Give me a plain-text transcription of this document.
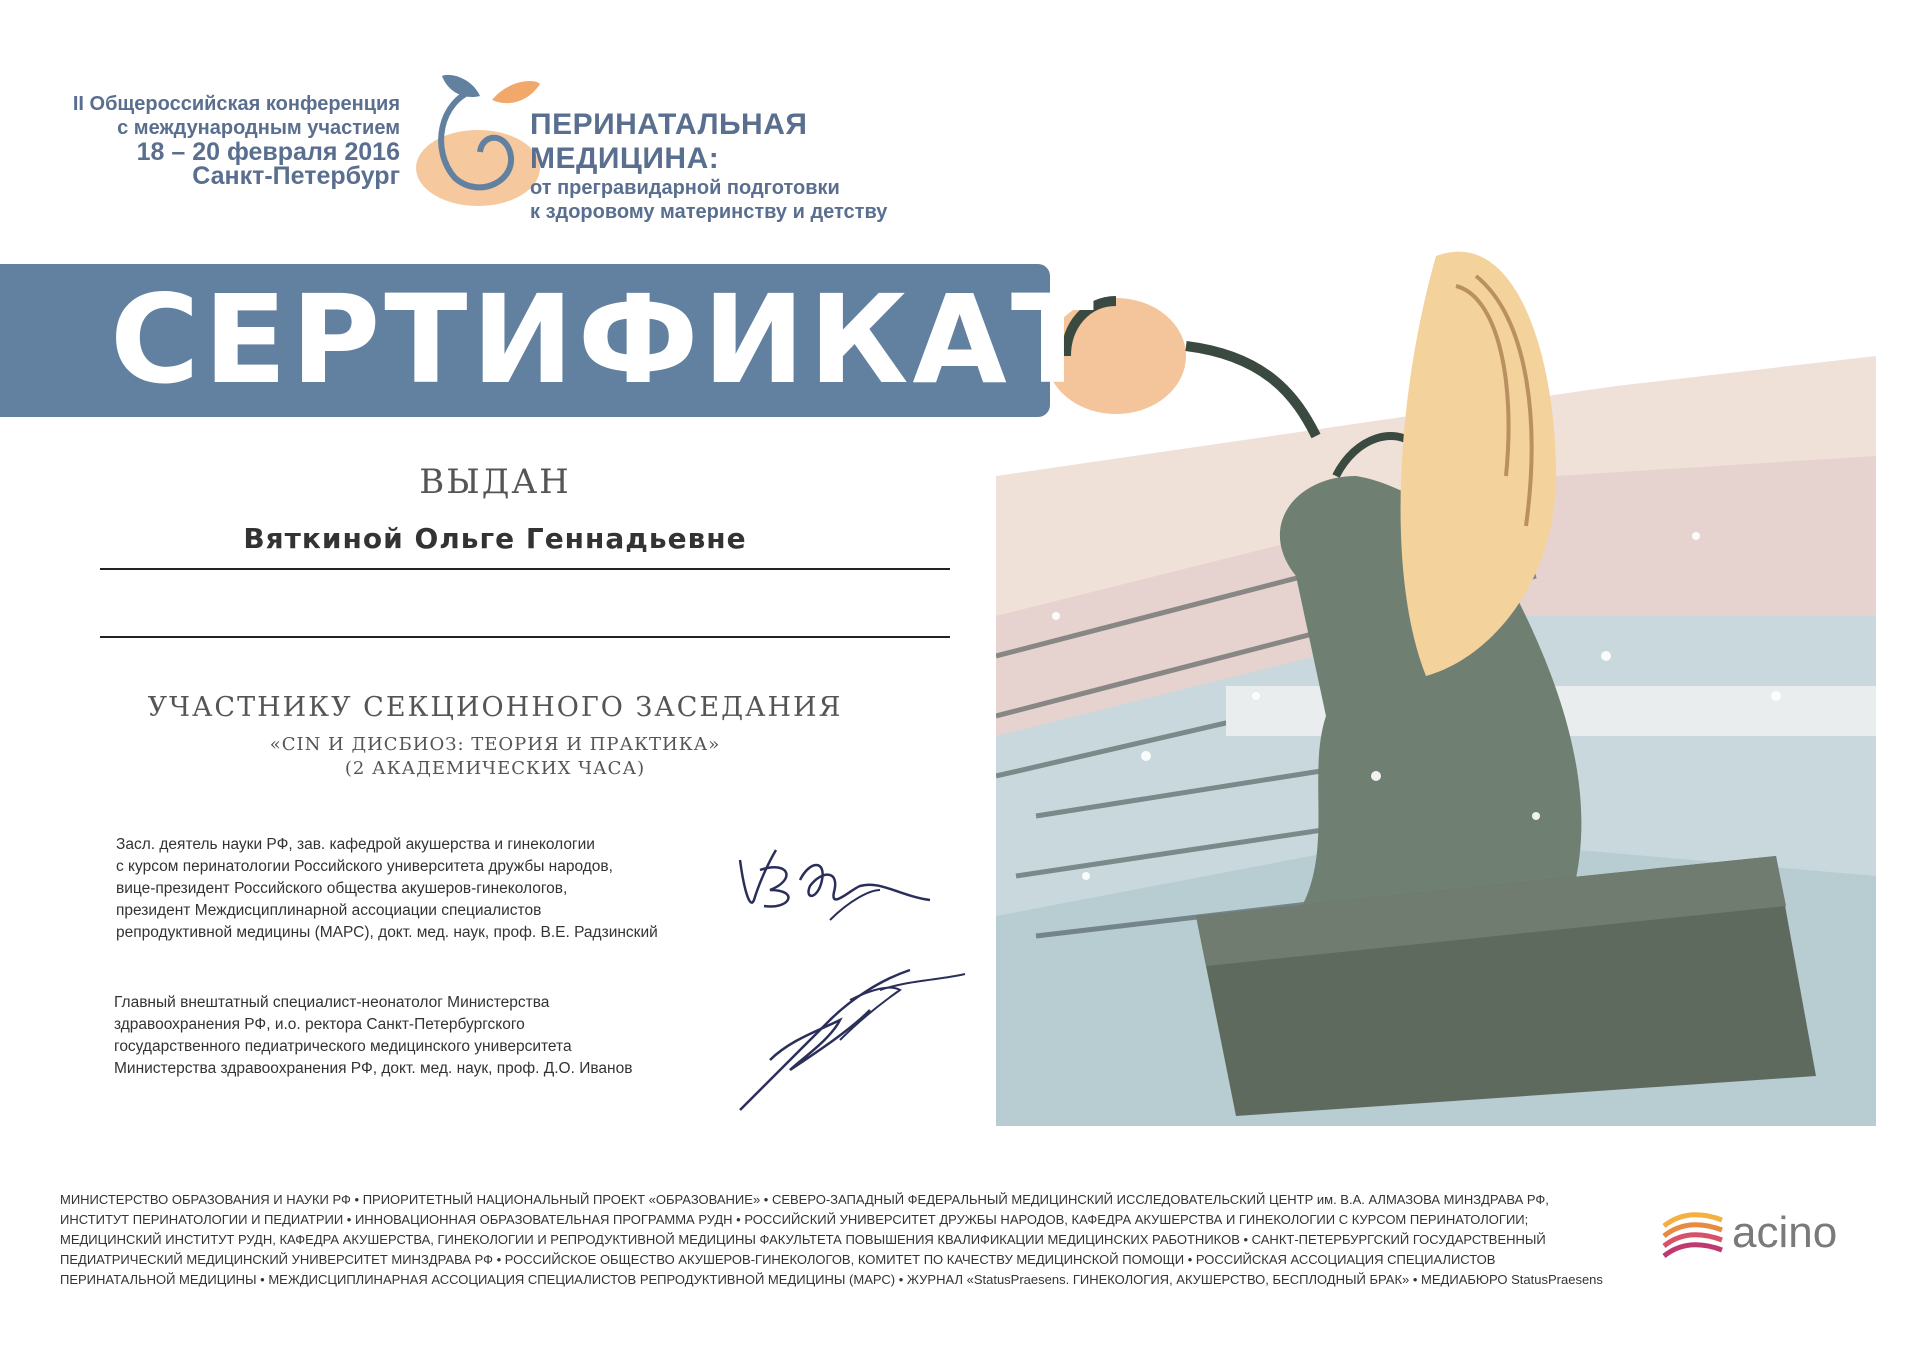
II Общероссийская конференция
с международным участием
18 – 20 февраля 2016
Санкт-Петербург
ПЕРИНАТАЛЬНАЯ МЕДИЦИНА:
от прегравидарной подготовки
к здоровому материнству и детству
СЕРТИФИКАТ
ВЫДАН
Вяткиной Ольге Геннадьевне
УЧАСТНИКУ СЕКЦИОННОГО ЗАСЕДАНИЯ
«CIN И ДИСБИОЗ: ТЕОРИЯ И ПРАКТИКА»
(2 АКАДЕМИЧЕСКИХ ЧАСА)
Засл. деятель науки РФ, зав. кафедрой акушерства и гинекологии
с курсом перинатологии Российского университета дружбы народов,
вице-президент Российского общества акушеров-гинекологов,
президент Междисциплинарной ассоциации специалистов
репродуктивной медицины (МАРС), докт. мед. наук, проф. В.Е. Радзинский
Главный внештатный специалист-неонатолог Министерства
здравоохранения РФ, и.о. ректора Санкт-Петербургского
государственного педиатрического медицинского университета
Министерства здравоохранения РФ, докт. мед. наук, проф. Д.О. Иванов
МИНИСТЕРСТВО ОБРАЗОВАНИЯ И НАУКИ РФ • ПРИОРИТЕТНЫЙ НАЦИОНАЛЬНЫЙ ПРОЕКТ «ОБРАЗОВАНИЕ» • СЕВЕРО-ЗАПАДНЫЙ ФЕДЕРАЛЬНЫЙ МЕДИЦИНСКИЙ ИССЛЕДОВАТЕЛЬСКИЙ ЦЕНТР им. В.А. АЛМАЗОВА МИНЗДРАВА РФ,
ИНСТИТУТ ПЕРИНАТОЛОГИИ И ПЕДИАТРИИ • ИННОВАЦИОННАЯ ОБРАЗОВАТЕЛЬНАЯ ПРОГРАММА РУДН • РОССИЙСКИЙ УНИВЕРСИТЕТ ДРУЖБЫ НАРОДОВ, КАФЕДРА АКУШЕРСТВА И ГИНЕКОЛОГИИ С КУРСОМ ПЕРИНАТОЛОГИИ;
МЕДИЦИНСКИЙ ИНСТИТУТ РУДН, КАФЕДРА АКУШЕРСТВА, ГИНЕКОЛОГИИ И РЕПРОДУКТИВНОЙ МЕДИЦИНЫ ФАКУЛЬТЕТА ПОВЫШЕНИЯ КВАЛИФИКАЦИИ МЕДИЦИНСКИХ РАБОТНИКОВ • САНКТ-ПЕТЕРБУРГСКИЙ ГОСУДАРСТВЕННЫЙ
ПЕДИАТРИЧЕСКИЙ МЕДИЦИНСКИЙ УНИВЕРСИТЕТ МИНЗДРАВА РФ • РОССИЙСКОЕ ОБЩЕСТВО АКУШЕРОВ-ГИНЕКОЛОГОВ, КОМИТЕТ ПО КАЧЕСТВУ МЕДИЦИНСКОЙ ПОМОЩИ • РОССИЙСКАЯ АССОЦИАЦИЯ СПЕЦИАЛИСТОВ
ПЕРИНАТАЛЬНОЙ МЕДИЦИНЫ • МЕЖДИСЦИПЛИНАРНАЯ АССОЦИАЦИЯ СПЕЦИАЛИСТОВ РЕПРОДУКТИВНОЙ МЕДИЦИНЫ (МАРС) • ЖУРНАЛ «StatusPraesens. ГИНЕКОЛОГИЯ, АКУШЕРСТВО, БЕСПЛОДНЫЙ БРАК» • МЕДИАБЮРО StatusPraesens
acino
